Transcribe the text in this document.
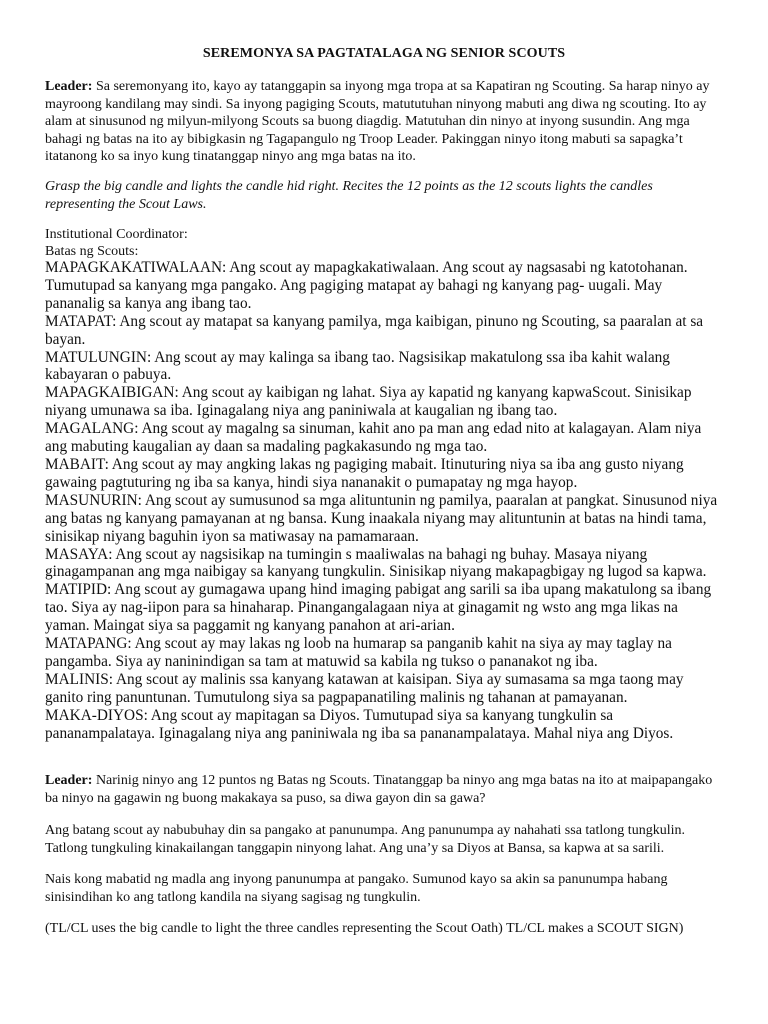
SEREMONYA SA PAGTATALAGA NG SENIOR SCOUTS

Leader: Sa seremonyang ito, kayo ay tatanggapin sa inyong mga tropa at sa Kapatiran ng Scouting. Sa harap ninyo ay mayroong kandilang may sindi. Sa inyong pagiging Scouts, matututuhan ninyong mabuti ang diwa ng scouting. Ito ay alam at sinusunod ng milyun-milyong Scouts sa buong diagdig. Matutuhan din ninyo at inyong susundin. Ang mga bahagi ng batas na ito ay bibigkasin ng Tagapangulo ng Troop Leader. Pakinggan ninyo itong mabuti sa sapagka’t itatanong ko sa inyo kung tinatanggap ninyo ang mga batas na ito.

Grasp the big candle and lights the candle hid right. Recites the 12 points as the 12 scouts lights the candles representing the Scout Laws.

Institutional Coordinator:

Batas ng Scouts:

MAPAGKAKATIWALAAN: Ang scout ay mapagkakatiwalaan. Ang scout ay nagsasabi ng katotohanan. Tumutupad sa kanyang mga pangako. Ang pagiging matapat ay bahagi ng kanyang pag- uugali. May pananalig sa kanya ang ibang tao.

MATAPAT: Ang scout ay matapat sa kanyang pamilya, mga kaibigan, pinuno ng Scouting, sa paaralan at sa bayan.

MATULUNGIN: Ang scout ay may kalinga sa ibang tao. Nagsisikap makatulong ssa iba kahit walang kabayaran o pabuya.

MAPAGKAIBIGAN: Ang scout ay kaibigan ng lahat. Siya ay kapatid ng kanyang kapwaScout. Sinisikap niyang umunawa sa iba. Iginagalang niya ang paniniwala at kaugalian ng ibang tao.

MAGALANG: Ang scout ay magalng sa sinuman, kahit ano pa man ang edad nito at kalagayan. Alam niya ang mabuting kaugalian ay daan sa madaling pagkakasundo ng mga tao.

MABAIT: Ang scout ay may angking lakas ng pagiging mabait. Itinuturing niya sa iba ang gusto niyang gawaing pagtuturing ng iba sa kanya, hindi siya nananakit o pumapatay ng mga hayop.

MASUNURIN: Ang scout ay sumusunod sa mga alituntunin ng pamilya, paaralan at pangkat. Sinusunod niya ang batas ng kanyang pamayanan at ng bansa. Kung inaakala niyang may alituntunin at batas na hindi tama, sinisikap niyang baguhin iyon sa matiwasay na pamamaraan.

MASAYA: Ang scout ay nagsisikap na tumingin s maaliwalas na bahagi ng buhay. Masaya niyang ginagampanan ang mga naibigay sa kanyang tungkulin. Sinisikap niyang makapagbigay ng lugod sa kapwa.

MATIPID: Ang scout ay gumagawa upang hind imaging pabigat ang sarili sa iba upang makatulong sa ibang tao. Siya ay nag-iipon para sa hinaharap. Pinangangalagaan niya at ginagamit ng wsto ang mga likas na yaman. Maingat siya sa paggamit ng kanyang panahon at ari-arian.

MATAPANG: Ang scout ay may lakas ng loob na humarap sa panganib kahit na siya ay may taglay na pangamba. Siya ay naninindigan sa tam at matuwid sa kabila ng tukso o pananakot ng iba.

MALINIS: Ang scout ay malinis ssa kanyang katawan at kaisipan. Siya ay sumasama sa mga taong may ganito ring panuntunan. Tumutulong siya sa pagpapanatiling malinis ng tahanan at pamayanan.

MAKA-DIYOS: Ang scout ay mapitagan sa Diyos. Tumutupad siya sa kanyang tungkulin sa pananampalataya. Iginagalang niya ang paniniwala ng iba sa pananampalataya. Mahal niya ang Diyos.

Leader: Narinig ninyo ang 12 puntos ng Batas ng Scouts. Tinatanggap ba ninyo ang mga batas na ito at maipapangako ba ninyo na gagawin ng buong makakaya sa puso, sa diwa gayon din sa gawa?

Ang batang scout ay nabubuhay din sa pangako at panunumpa. Ang panunumpa ay nahahati ssa tatlong tungkulin. Tatlong tungkuling kinakailangan tanggapin ninyong lahat. Ang una’y sa Diyos at Bansa, sa kapwa at sa sarili.

Nais kong mabatid ng madla ang inyong panunumpa at pangako. Sumunod kayo sa akin sa panunumpa habang sinisindihan ko ang tatlong kandila na siyang sagisag ng tungkulin.

(TL/CL uses the big candle to light the three candles representing the Scout Oath) TL/CL makes a SCOUT SIGN)
